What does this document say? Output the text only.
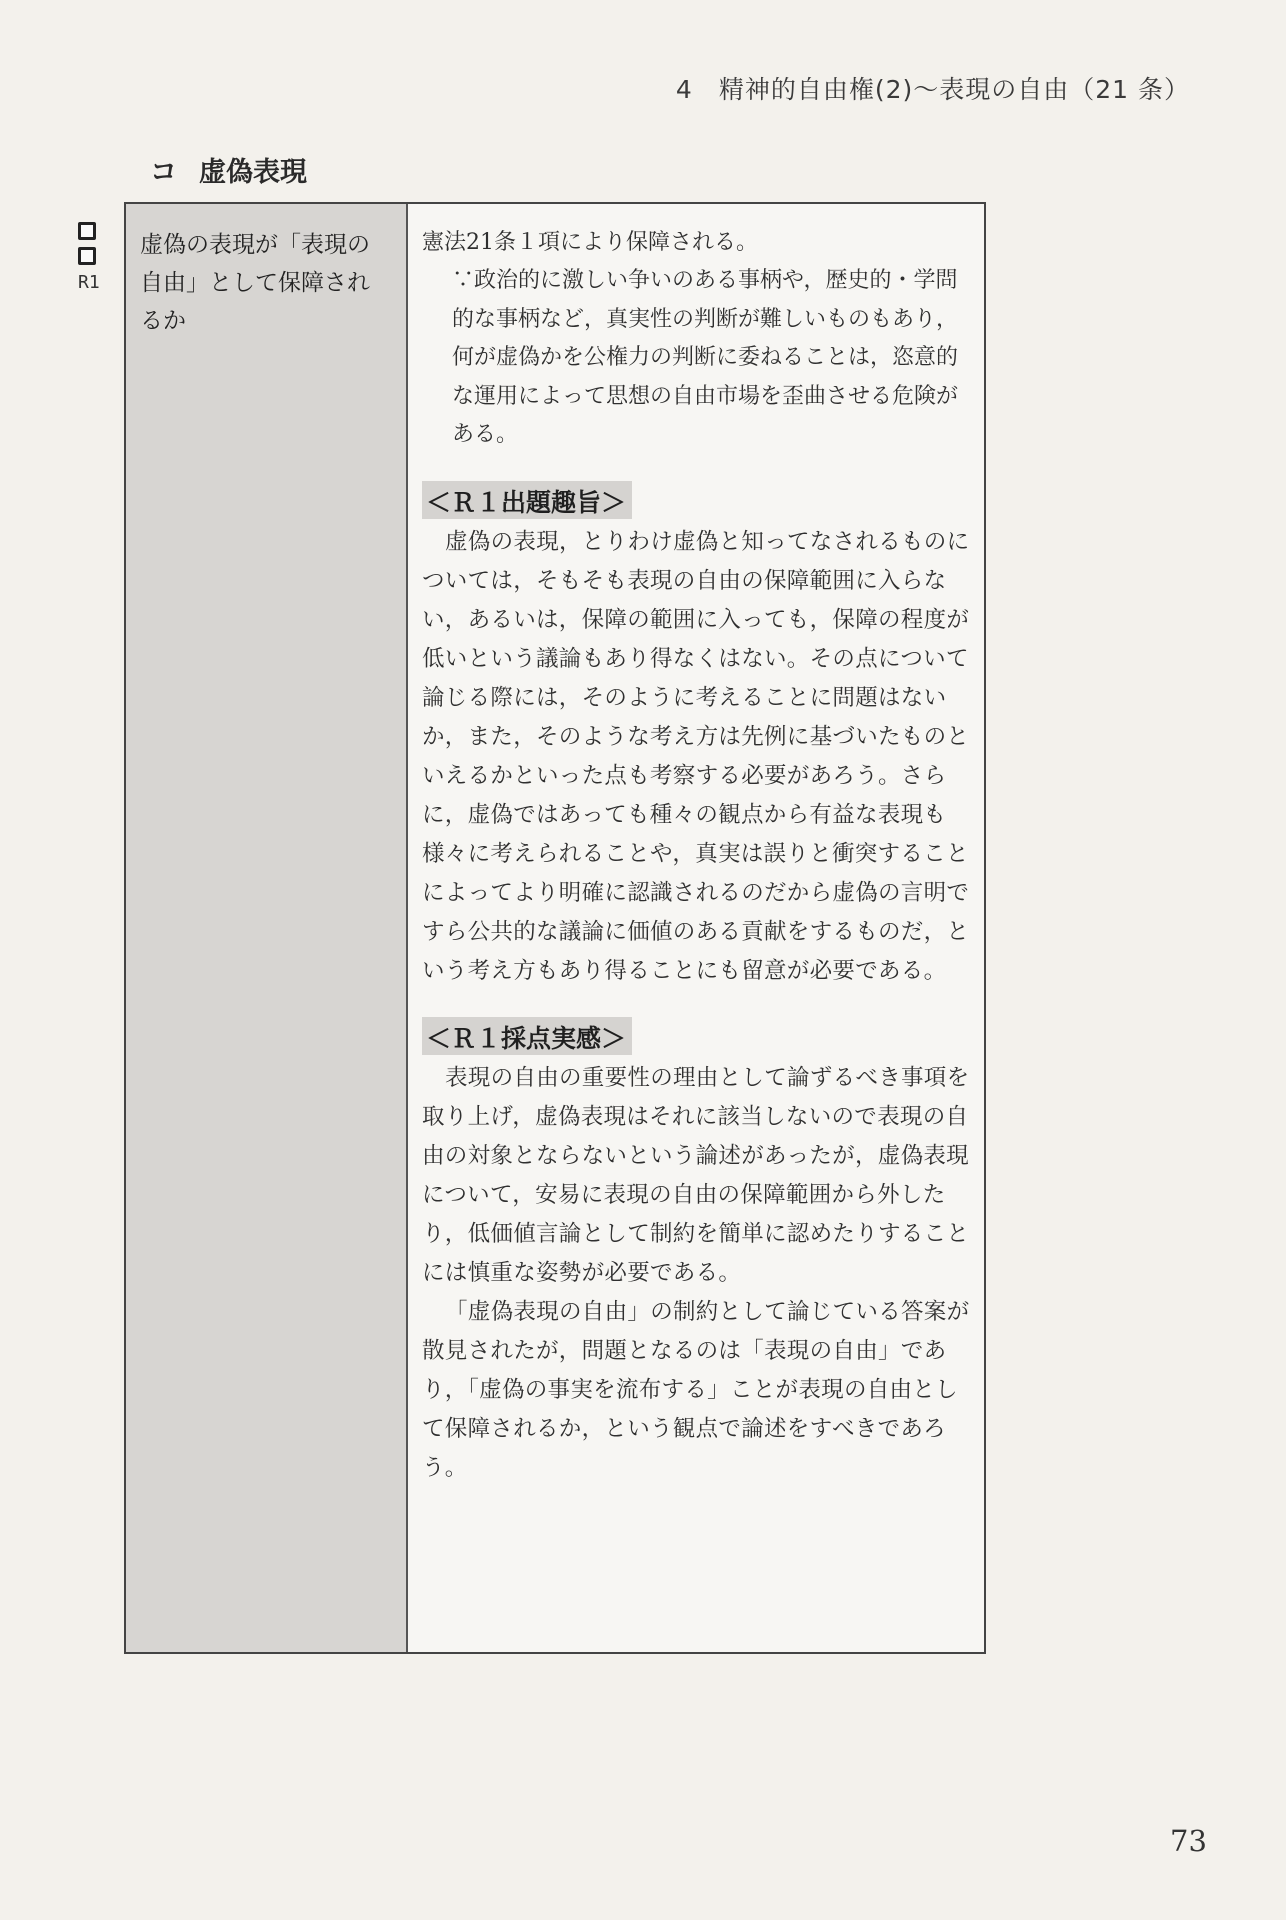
4　精神的自由権(2)〜表現の自由（21 条）
コ 虚偽表現
R1
虚偽の表現が「表現の自由」として保障されるか

憲法21条１項により保障される。

∵政治的に激しい争いのある事柄や，歴史的・学問的な事柄など，真実性の判断が難しいものもあり，何が虚偽かを公権力の判断に委ねることは，恣意的な運用によって思想の自由市場を歪曲させる危険がある。

＜Ｒ１出題趣旨＞

虚偽の表現，とりわけ虚偽と知ってなされるものについては，そもそも表現の自由の保障範囲に入らない，あるいは，保障の範囲に入っても，保障の程度が低いという議論もあり得なくはない。その点について論じる際には，そのように考えることに問題はないか，また，そのような考え方は先例に基づいたものといえるかといった点も考察する必要があろう。さらに，虚偽ではあっても種々の観点から有益な表現も様々に考えられることや，真実は誤りと衝突することによってより明確に認識されるのだから虚偽の言明ですら公共的な議論に価値のある貢献をするものだ，という考え方もあり得ることにも留意が必要である。

＜Ｒ１採点実感＞

表現の自由の重要性の理由として論ずるべき事項を取り上げ，虚偽表現はそれに該当しないので表現の自由の対象とならないという論述があったが，虚偽表現について，安易に表現の自由の保障範囲から外したり，低価値言論として制約を簡単に認めたりすることには慎重な姿勢が必要である。

「虚偽表現の自由」の制約として論じている答案が散見されたが，問題となるのは「表現の自由」であり，「虚偽の事実を流布する」ことが表現の自由として保障されるか，という観点で論述をすべきであろう。

73
